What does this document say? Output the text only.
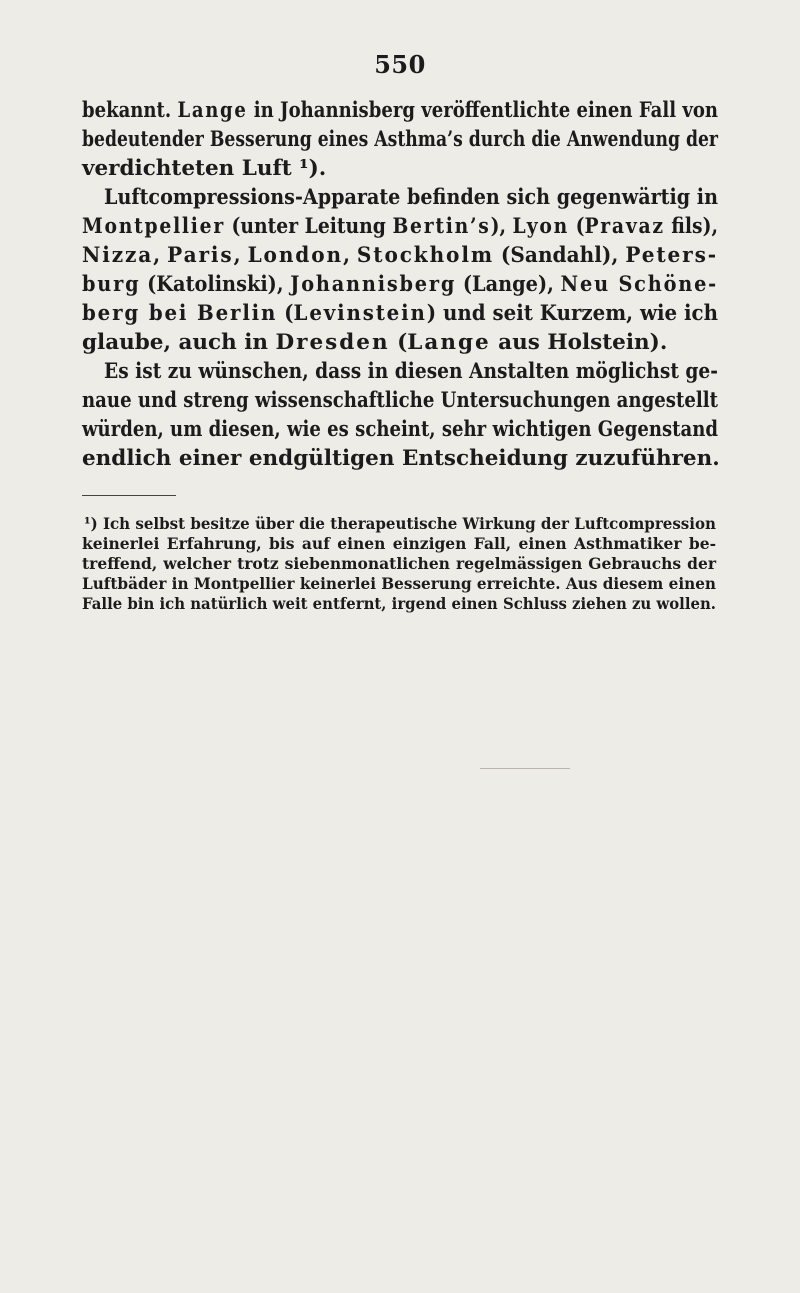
550
bekannt. Lange in Johannisberg veröffentlichte einen Fall von
bedeutender Besserung eines Asthma’s durch die Anwendung der
verdichteten Luft ¹).
Luftcompressions-Apparate befinden sich gegenwärtig in
Montpellier (unter Leitung Bertin’s), Lyon (Pravaz fils),
Nizza, Paris, London, Stockholm (Sandahl), Peters-
burg (Katolinski), Johannisberg (Lange), Neu Schöne-
berg bei Berlin (Levinstein) und seit Kurzem, wie ich
glaube, auch in Dresden (Lange aus Holstein).
Es ist zu wünschen, dass in diesen Anstalten möglichst ge-
naue und streng wissenschaftliche Untersuchungen angestellt
würden, um diesen, wie es scheint, sehr wichtigen Gegenstand
endlich einer endgültigen Entscheidung zuzuführen.
¹) Ich selbst besitze über die therapeutische Wirkung der Luftcompression
keinerlei Erfahrung, bis auf einen einzigen Fall, einen Asthmatiker be-
treffend, welcher trotz siebenmonatlichen regelmässigen Gebrauchs der
Luftbäder in Montpellier keinerlei Besserung erreichte. Aus diesem einen
Falle bin ich natürlich weit entfernt, irgend einen Schluss ziehen zu wollen.
